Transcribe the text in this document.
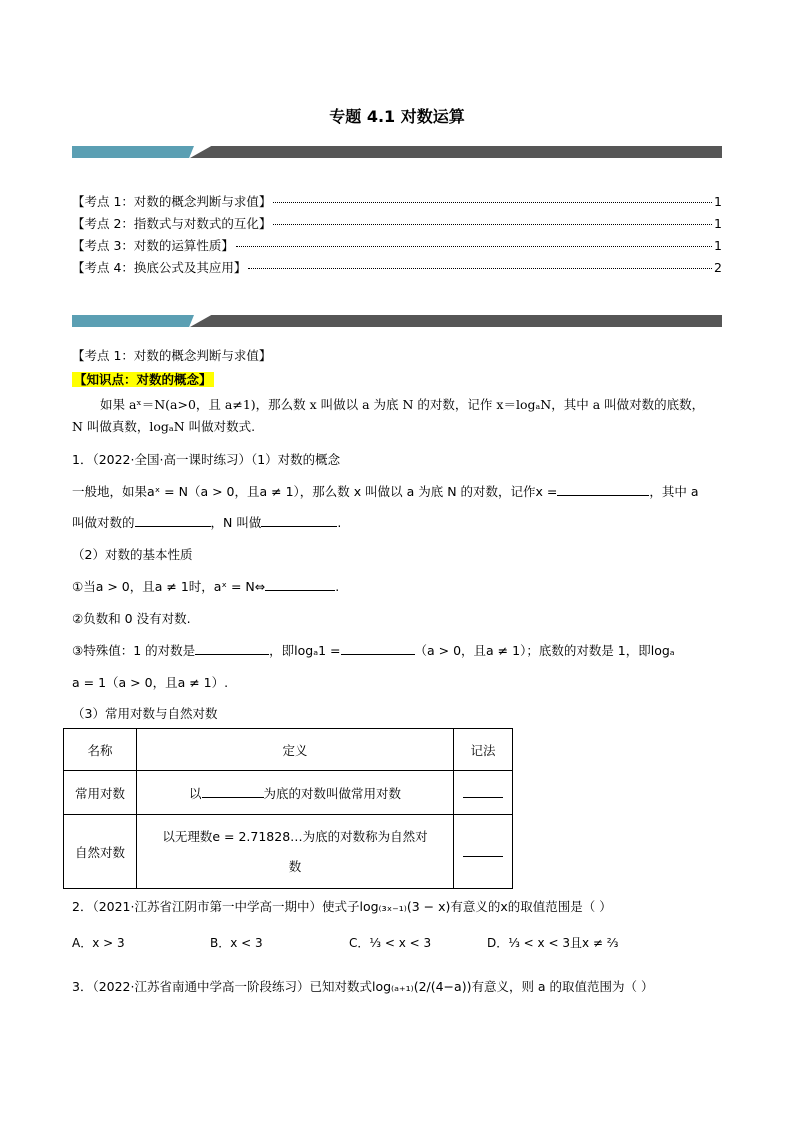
专题 4.1 对数运算
【考点 1：对数的概念判断与求值】	1
【考点 2：指数式与对数式的互化】	1
【考点 3：对数的运算性质】	1
【考点 4：换底公式及其应用】	2
【考点 1：对数的概念判断与求值】
【知识点：对数的概念】
如果 aˣ＝N(a>0，且 a≠1)，那么数 x 叫做以 a 为底 N 的对数，记作 x＝logₐN，其中 a 叫做对数的底数，
N 叫做真数，logₐN 叫做对数式.
1．（2022·全国·高一课时练习）（1）对数的概念
一般地，如果aˣ = N（a > 0，且a ≠ 1），那么数 x 叫做以 a 为底 N 的对数，记作x =	，其中 a
叫做对数的	，N 叫做	.
（2）对数的基本性质
①当a > 0，且a ≠ 1时，aˣ = N⇔	.
②负数和 0 没有对数.
③特殊值：1 的对数是	，即logₐ1 =	（a > 0，且a ≠ 1）；底数的对数是 1，即logₐ
a = 1（a > 0，且a ≠ 1）.
（3）常用对数与自然对数
名称	定义	记法
常用对数	以 为底的对数叫做常用对数	
自然对数	以无理数e = 2.71828…为底的对数称为自然对
数	
2．（2021·江苏省江阴市第一中学高一期中）使式子log₍₃ₓ₋₁₎(3 − x)有意义的x的取值范围是（ ）
A．x > 3	B．x < 3	C．⅓ < x < 3	D．⅓ < x < 3且x ≠ ⅔
3．（2022·江苏省南通中学高一阶段练习）已知对数式log₍ₐ₊₁₎(2/(4−a))有意义，则 a 的取值范围为（ ）
